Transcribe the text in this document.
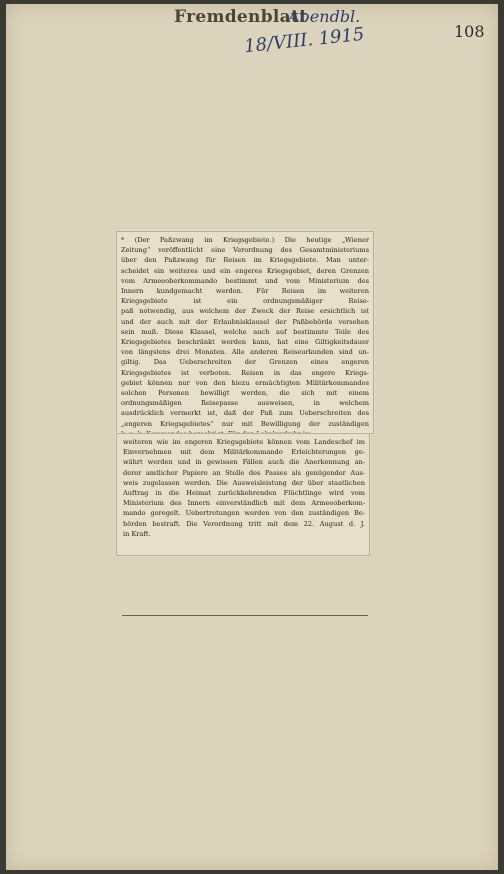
Fremdenblatt
Abendbl.
18/VIII. 1915	108
* (Der Paßzwang im Kriegsgebiete.) Die heutige „Wiener
Zeitung“ veröffentlicht eine Verordnung des Gesamtministeriums
über den Paßzwang für Reisen im Kriegsgebiete. Man unter-
scheidet ein weiteres und ein engeres Kriegsgebiet, deren Grenzen
vom Armeeoberkommando bestimmt und vom Ministerium des
Innern kundgemacht werden. Für Reisen im weiteren
Kriegsgebiete ist ein ordnungsmäßiger Reise-
paß notwendig, aus welchem der Zweck der Reise ersichtlich ist
und der auch mit der Erlaubnisklausel der Paßbehörde versehen
sein muß. Diese Klausel, welche auch auf bestimmte Teile des
Kriegsgebietes beschränkt werden kann, hat eine Giltigkeitsdauer
von längstens drei Monaten. Alle anderen Reiseurkunden sind un-
giltig. Das Ueberschreiten der Grenzen eines engeren
Kriegsgebietes ist verboten. Reisen in das engere Kriegs-
gebiet können nur von den hiezu ermächtigten Militärkommandos
solchen Personen bewilligt werden, die sich mit einem
ordnungsmäßigen Reisepasse ausweisen, in welchem
ausdrücklich vermerkt ist, daß der Paß zum Ueberschreiten des
„engeren Kriegsgebietes“ nur mit Bewilligung der zuständigen
weiteren wie im engeren Kriegsgebiete können vom Landeschef im
Einvernehmen mit dem Militärkommando Erleichterungen ge-
währt werden und in gewissen Fällen auch die Anerkennung an-
derer amtlicher Papiere an Stelle des Passes als genügender Aus-
weis zugelassen werden. Die Ausweisleistung der über staatlichen
Auftrag in die Heimat zurückkehrenden Flüchtlinge wird vom
Ministerium des Innern einverständlich mit dem Armeeoberkom-
mando geregelt. Uebertretungen werden von den zuständigen Be-
hörden bestraft. Die Verordnung tritt mit dem 22. August d. J.
in Kraft.
